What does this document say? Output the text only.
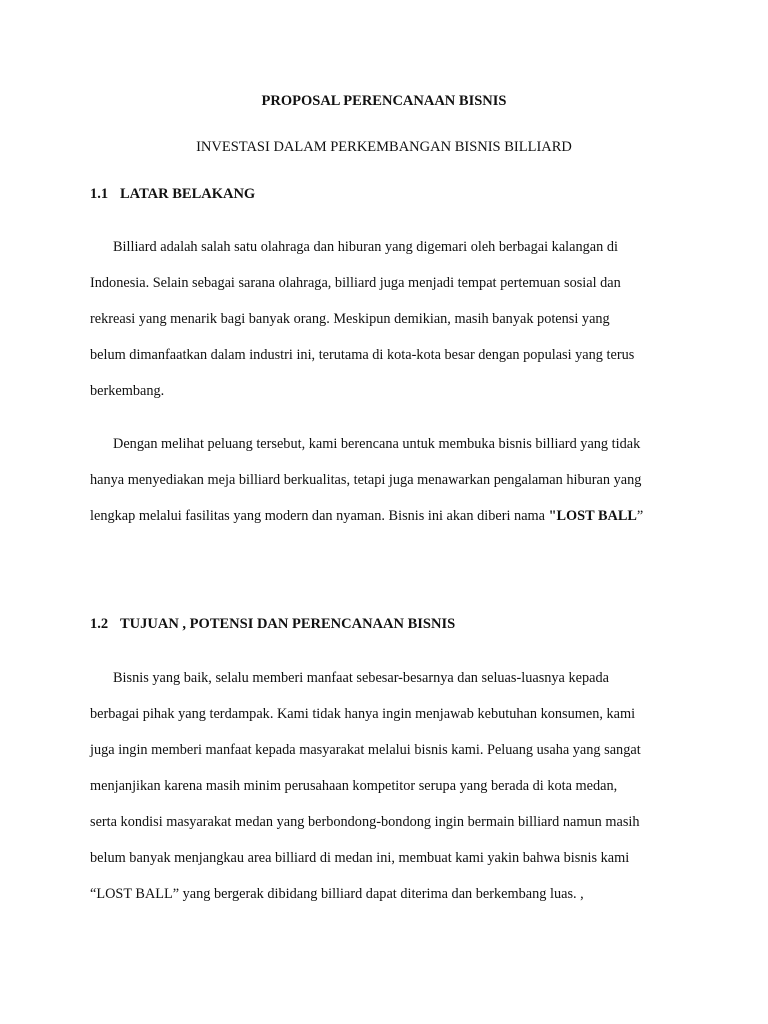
PROPOSAL PERENCANAAN BISNIS
INVESTASI DALAM PERKEMBANGAN BISNIS BILLIARD
1.1 LATAR BELAKANG
Billiard adalah salah satu olahraga dan hiburan yang digemari oleh berbagai kalangan di
Indonesia. Selain sebagai sarana olahraga, billiard juga menjadi tempat pertemuan sosial dan
rekreasi yang menarik bagi banyak orang. Meskipun demikian, masih banyak potensi yang
belum dimanfaatkan dalam industri ini, terutama di kota-kota besar dengan populasi yang terus
berkembang.
Dengan melihat peluang tersebut, kami berencana untuk membuka bisnis billiard yang tidak
hanya menyediakan meja billiard berkualitas, tetapi juga menawarkan pengalaman hiburan yang
lengkap melalui fasilitas yang modern dan nyaman. Bisnis ini akan diberi nama "LOST BALL”
1.2 TUJUAN , POTENSI DAN PERENCANAAN BISNIS
Bisnis yang baik, selalu memberi manfaat sebesar-besarnya dan seluas-luasnya kepada
berbagai pihak yang terdampak. Kami tidak hanya ingin menjawab kebutuhan konsumen, kami
juga ingin memberi manfaat kepada masyarakat melalui bisnis kami. Peluang usaha yang sangat
menjanjikan karena masih minim perusahaan kompetitor serupa yang berada di kota medan,
serta kondisi masyarakat medan yang berbondong-bondong ingin bermain billiard namun masih
belum banyak menjangkau area billiard di medan ini, membuat kami yakin bahwa bisnis kami
“LOST BALL” yang bergerak dibidang billiard dapat diterima dan berkembang luas. ,
